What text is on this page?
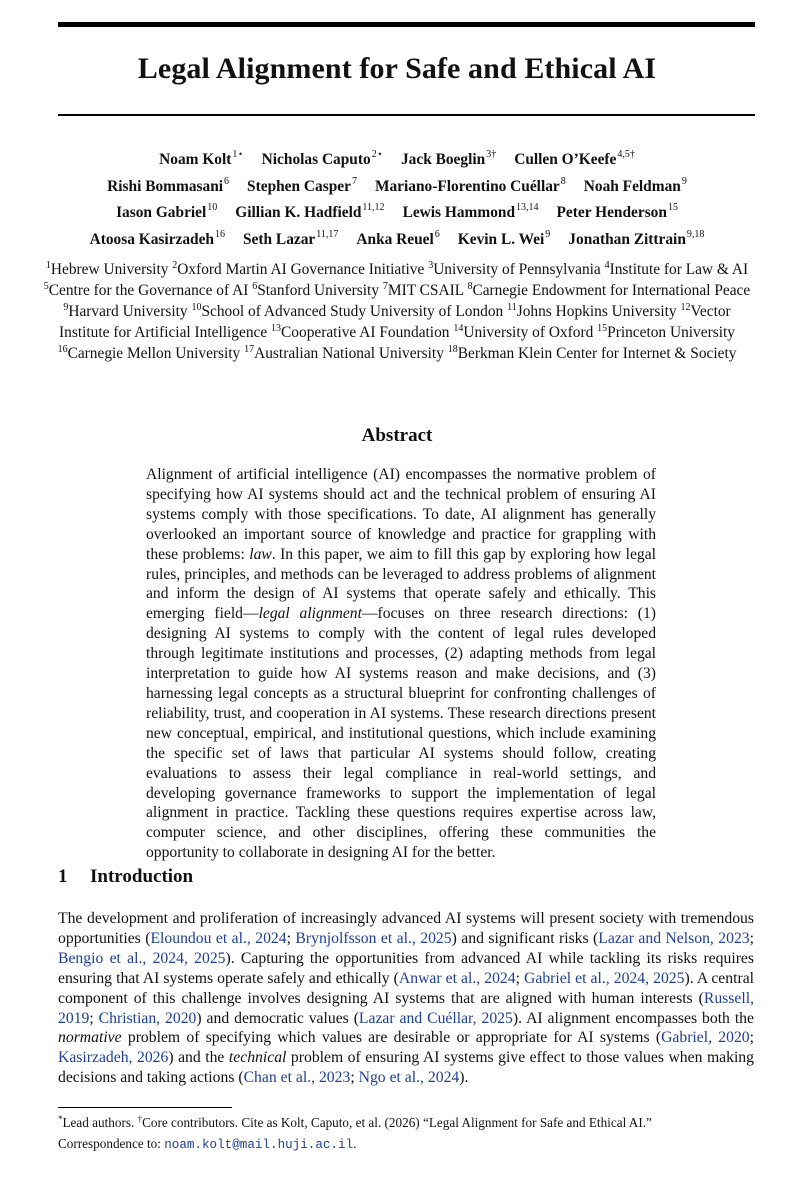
Legal Alignment for Safe and Ethical AI
Noam Kolt$^{1⋆}$ Nicholas Caputo$^{2⋆}$ Jack Boeglin$^{3\dagger}$ Cullen O’Keefe$^{4,5\dagger}$
Rishi Bommasani$^6$ Stephen Casper$^7$ Mariano-Florentino Cuéllar$^8$ Noah Feldman$^9$
Iason Gabriel$^{10}$ Gillian K. Hadfield$^{11,12}$ Lewis Hammond$^{13,14}$ Peter Henderson$^{15}$
Atoosa Kasirzadeh$^{16}$ Seth Lazar$^{11,17}$ Anka Reuel$^6$ Kevin L. Wei$^9$ Jonathan Zittrain$^{9,18}$
$^1$Hebrew University $^2$Oxford Martin AI Governance Initiative $^3$University of Pennsylvania $^4$Institute for Law & AI $^5$Centre for the Governance of AI $^6$Stanford University $^7$MIT CSAIL $^8$Carnegie Endowment for International Peace $^9$Harvard University $^{10}$School of Advanced Study University of London $^{11}$Johns Hopkins University $^{12}$Vector Institute for Artificial Intelligence $^{13}$Cooperative AI Foundation $^{14}$University of Oxford $^{15}$Princeton University $^{16}$Carnegie Mellon University $^{17}$Australian National University $^{18}$Berkman Klein Center for Internet & Society
Abstract
Alignment of artificial intelligence (AI) encompasses the normative problem of specifying how AI systems should act and the technical problem of ensuring AI systems comply with those specifications. To date, AI alignment has generally overlooked an important source of knowledge and practice for grappling with these problems: law. In this paper, we aim to fill this gap by exploring how legal rules, principles, and methods can be leveraged to address problems of alignment and inform the design of AI systems that operate safely and ethically. This emerging field—legal alignment—focuses on three research directions: (1) designing AI systems to comply with the content of legal rules developed through legitimate institutions and processes, (2) adapting methods from legal interpretation to guide how AI systems reason and make decisions, and (3) harnessing legal concepts as a structural blueprint for confronting challenges of reliability, trust, and cooperation in AI systems. These research directions present new conceptual, empirical, and institutional questions, which include examining the specific set of laws that particular AI systems should follow, creating evaluations to assess their legal compliance in real-world settings, and developing governance frameworks to support the implementation of legal alignment in practice. Tackling these questions requires expertise across law, computer science, and other disciplines, offering these communities the opportunity to collaborate in designing AI for the better.
1 Introduction
The development and proliferation of increasingly advanced AI systems will present society with tremendous opportunities (Eloundou et al., 2024; Brynjolfsson et al., 2025) and significant risks (Lazar and Nelson, 2023; Bengio et al., 2024, 2025). Capturing the opportunities from advanced AI while tackling its risks requires ensuring that AI systems operate safely and ethically (Anwar et al., 2024; Gabriel et al., 2024, 2025). A central component of this challenge involves designing AI systems that are aligned with human interests (Russell, 2019; Christian, 2020) and democratic values (Lazar and Cuéllar, 2025). AI alignment encompasses both the normative problem of specifying which values are desirable or appropriate for AI systems (Gabriel, 2020; Kasirzadeh, 2026) and the technical problem of ensuring AI systems give effect to those values when making decisions and taking actions (Chan et al., 2023; Ngo et al., 2024).
*Lead authors. †Core contributors. Cite as Kolt, Caputo, et al. (2026) “Legal Alignment for Safe and Ethical AI.”
Correspondence to: noam.kolt@mail.huji.ac.il.
